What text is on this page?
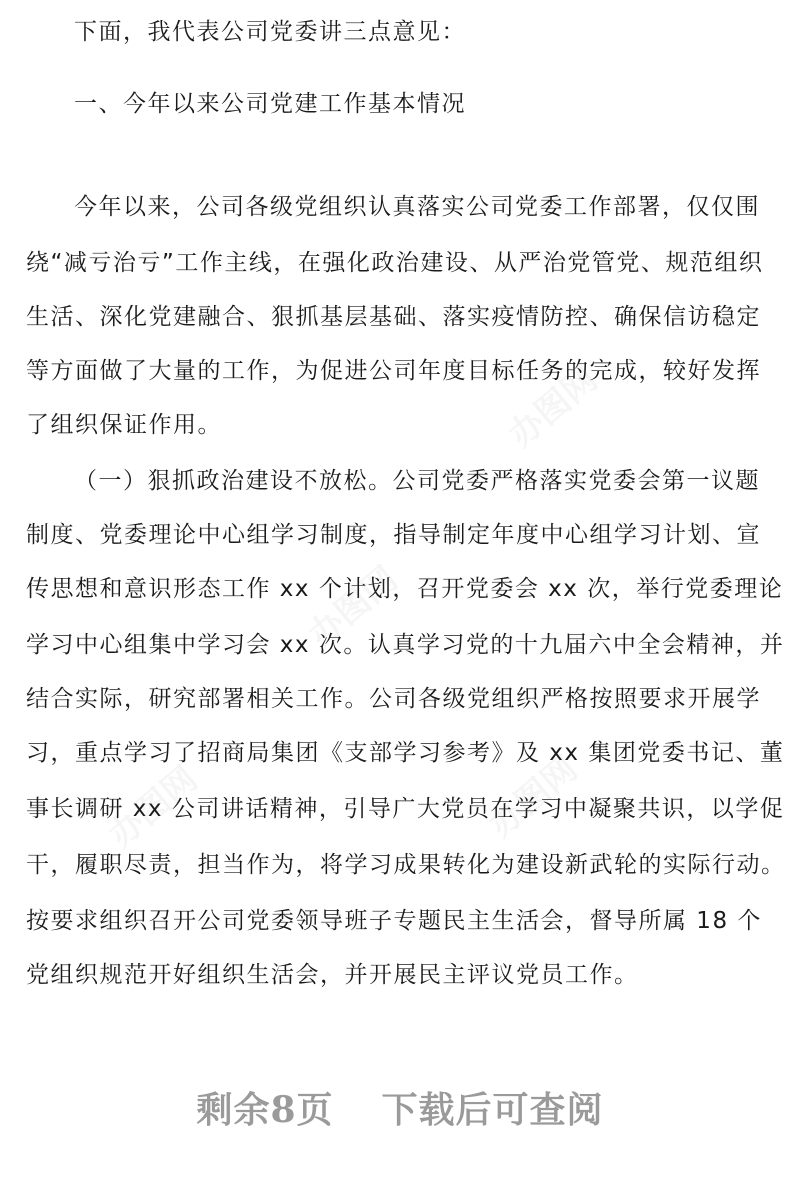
下面，我代表公司党委讲三点意见：
一、今年以来公司党建工作基本情况
今年以来，公司各级党组织认真落实公司党委工作部署，仅仅围
绕“减亏治亏”工作主线，在强化政治建设、从严治党管党、规范组织
生活、深化党建融合、狠抓基层基础、落实疫情防控、确保信访稳定
等方面做了大量的工作，为促进公司年度目标任务的完成，较好发挥
了组织保证作用。
（一）狠抓政治建设不放松。公司党委严格落实党委会第一议题
制度、党委理论中心组学习制度，指导制定年度中心组学习计划、宣
传思想和意识形态工作 xx 个计划，召开党委会 xx 次，举行党委理论
学习中心组集中学习会 xx 次。认真学习党的十九届六中全会精神，并
结合实际，研究部署相关工作。公司各级党组织严格按照要求开展学
习，重点学习了招商局集团《支部学习参考》及 xx 集团党委书记、董
事长调研 xx 公司讲话精神，引导广大党员在学习中凝聚共识，以学促
干，履职尽责，担当作为，将学习成果转化为建设新武轮的实际行动。
按要求组织召开公司党委领导班子专题民主生活会，督导所属 18 个
党组织规范开好组织生活会，并开展民主评议党员工作。
办图网
办图网
办图网	办图网
剩余8页 下载后可查阅
